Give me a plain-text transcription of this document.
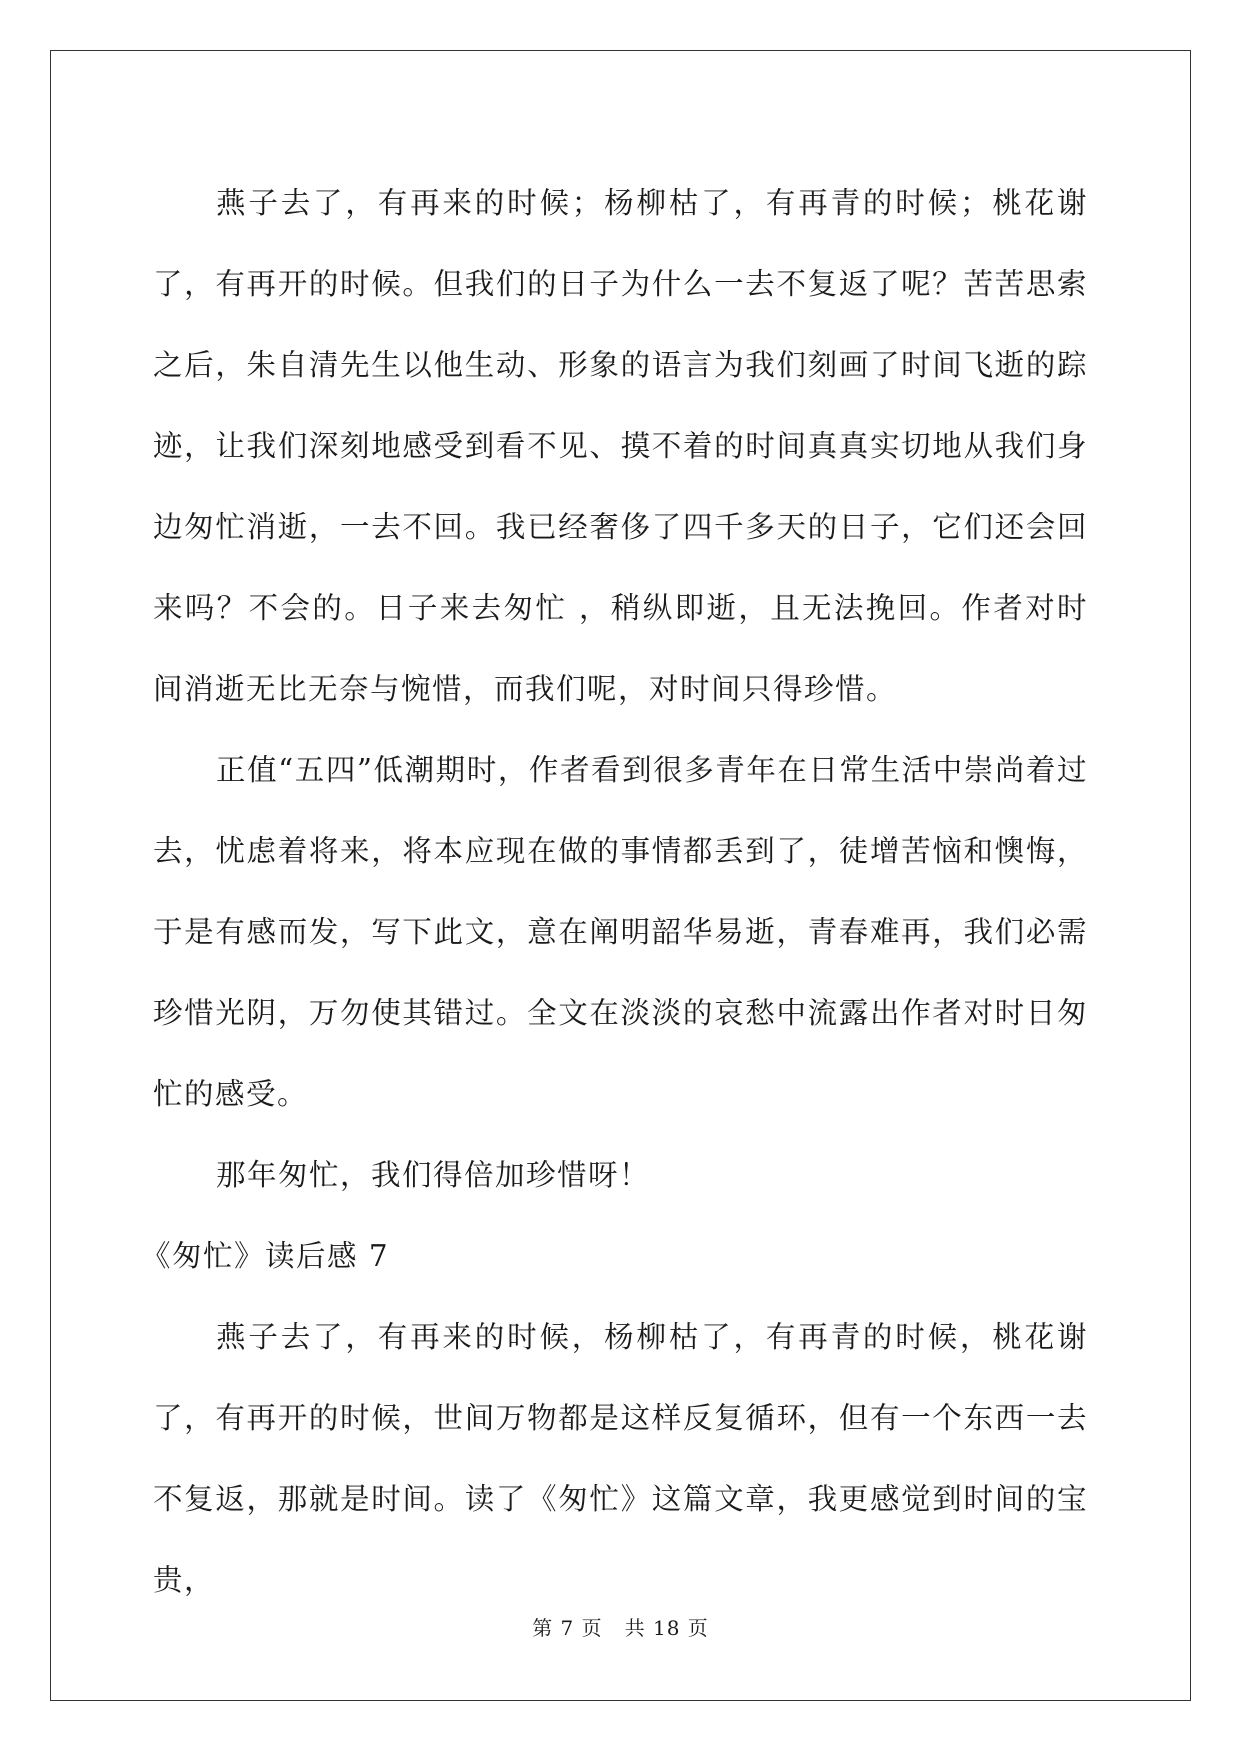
燕子去了，有再来的时候；杨柳枯了，有再青的时候；桃花谢了，有再开的时候。但我们的日子为什么一去不复返了呢？苦苦思索之后，朱自清先生以他生动、形象的语言为我们刻画了时间飞逝的踪迹，让我们深刻地感受到看不见、摸不着的时间真真实切地从我们身边匆忙消逝，一去不回。我已经奢侈了四千多天的日子，它们还会回来吗？不会的。日子来去匆忙 ，稍纵即逝，且无法挽回。作者对时间消逝无比无奈与惋惜，而我们呢，对时间只得珍惜。

正值“五四”低潮期时，作者看到很多青年在日常生活中崇尚着过去，忧虑着将来，将本应现在做的事情都丢到了，徒增苦恼和懊悔，于是有感而发，写下此文，意在阐明韶华易逝，青春难再，我们必需珍惜光阴，万勿使其错过。全文在淡淡的哀愁中流露出作者对时日匆忙的感受。

那年匆忙，我们得倍加珍惜呀！

《匆忙》读后感 7

燕子去了，有再来的时候，杨柳枯了，有再青的时候，桃花谢了，有再开的时候，世间万物都是这样反复循环，但有一个东西一去不复返，那就是时间。读了《匆忙》这篇文章，我更感觉到时间的宝贵，

第 7 页 共 18 页
